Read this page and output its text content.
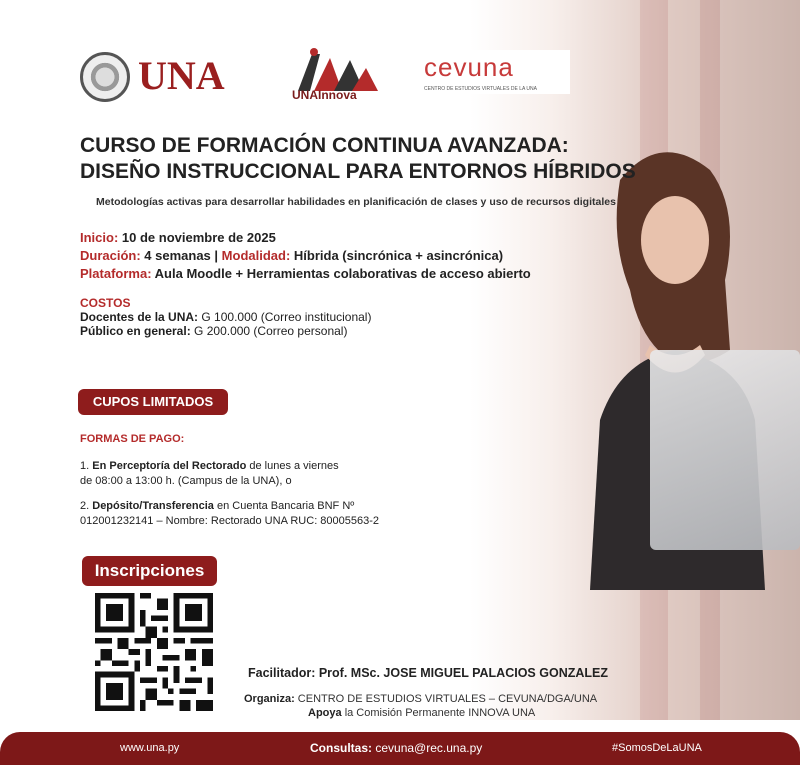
UNA	UNAInnova
cevuna
CENTRO DE ESTUDIOS VIRTUALES DE LA UNA
CURSO DE FORMACIÓN CONTINUA AVANZADA:
DISEÑO INSTRUCCIONAL PARA ENTORNOS HÍBRIDOS
Metodologías activas para desarrollar habilidades en planificación de clases y uso de recursos digitales
Inicio: 10 de noviembre de 2025
Duración: 4 semanas | Modalidad: Híbrida (sincrónica + asincrónica)
Plataforma: Aula Moodle + Herramientas colaborativas de acceso abierto
COSTOS
Docentes de la UNA: G 100.000 (Correo institucional)
Público en general: G 200.000 (Correo personal)
CUPOS LIMITADOS
FORMAS DE PAGO:

1. En Perceptoría del Rectorado de lunes a viernes
de 08:00 a 13:00 h. (Campus de la UNA), o

2. Depósito/Transferencia en Cuenta Bancaria BNF Nº
012001232141 – Nombre: Rectorado UNA RUC: 80005563-2

Inscripciones
Facilitador: Prof. MSc. JOSE MIGUEL PALACIOS GONZALEZ
Organiza: CENTRO DE ESTUDIOS VIRTUALES – CEVUNA/DGA/UNA
Apoya la Comisión Permanente INNOVA UNA
www.una.py	Consultas: cevuna@rec.una.py	#SomosDeLaUNA
